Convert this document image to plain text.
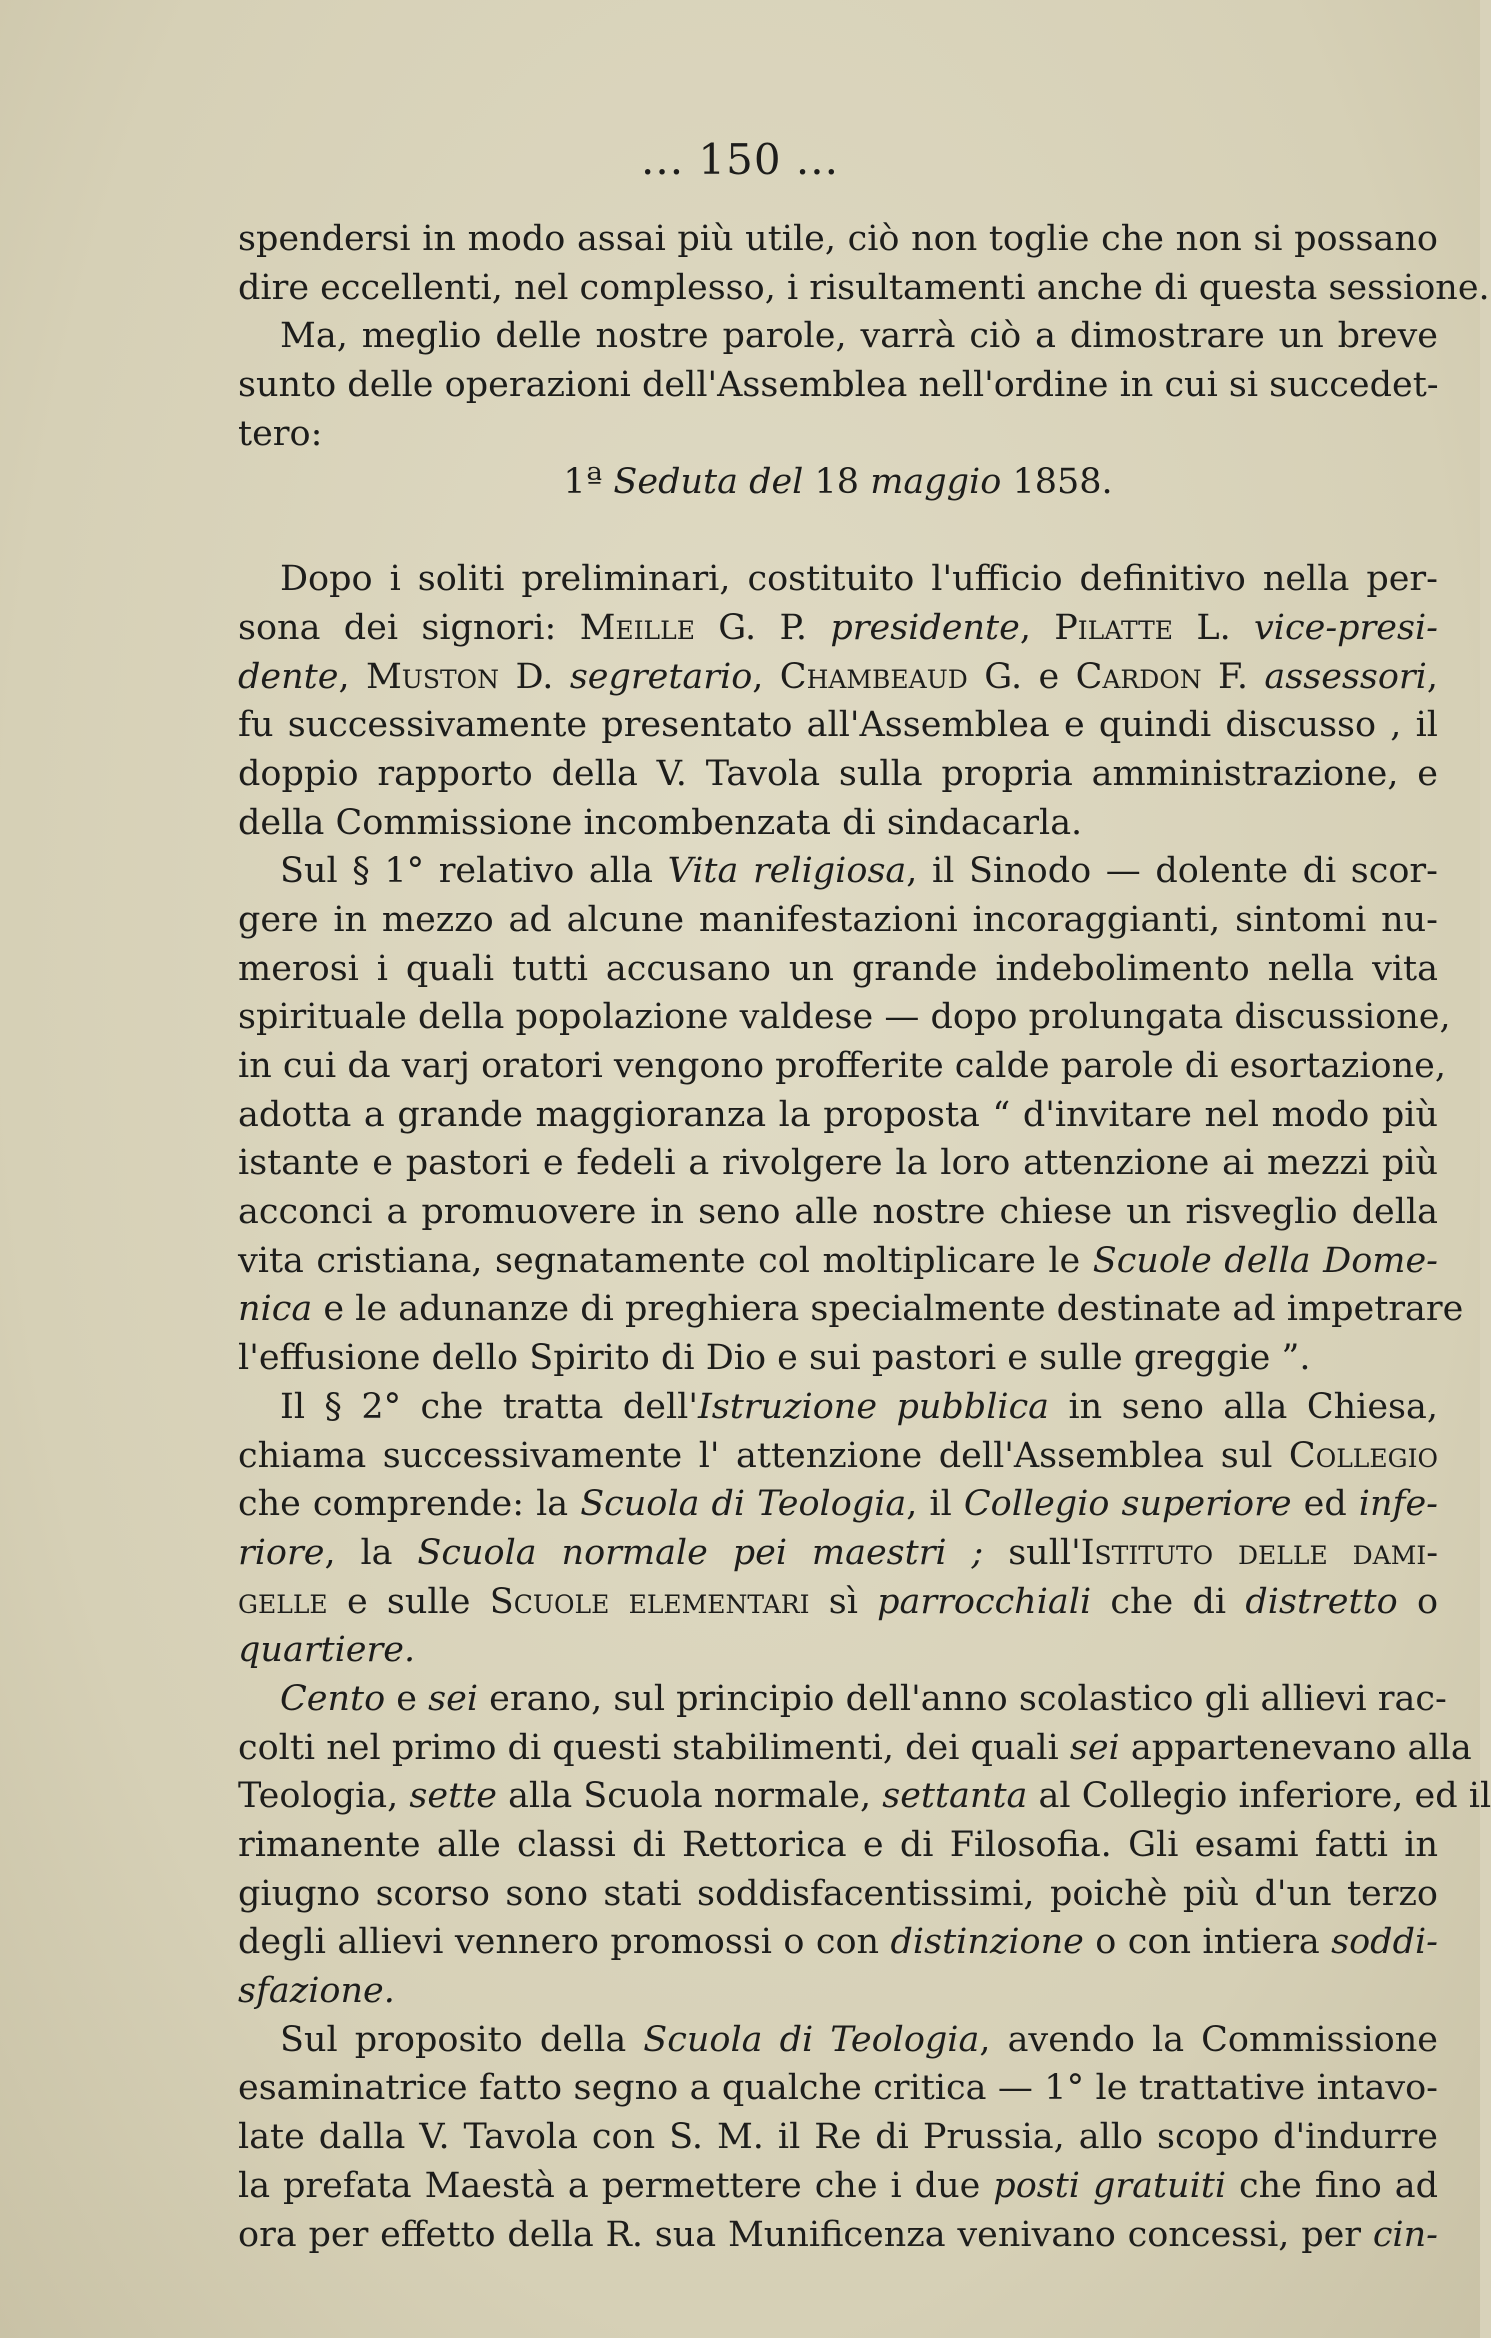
... 150 ...
spendersi in modo assai più utile, ciò non toglie che non si possano
dire eccellenti, nel complesso, i risultamenti anche di questa sessione.
Ma, meglio delle nostre parole, varrà ciò a dimostrare un breve
sunto delle operazioni dell'Assemblea nell'ordine in cui si succedet-
tero:
1ª Seduta del 18 maggio 1858.
Dopo i soliti preliminari, costituito l'ufficio definitivo nella per-
sona dei signori: Meille G. P. presidente, Pilatte L. vice-presi-
dente, Muston D. segretario, Chambeaud G. e Cardon F. assessori,
fu successivamente presentato all'Assemblea e quindi discusso , il
doppio rapporto della V. Tavola sulla propria amministrazione, e
della Commissione incombenzata di sindacarla.
Sul § 1° relativo alla Vita religiosa, il Sinodo — dolente di scor-
gere in mezzo ad alcune manifestazioni incoraggianti, sintomi nu-
merosi i quali tutti accusano un grande indebolimento nella vita
spirituale della popolazione valdese — dopo prolungata discussione,
in cui da varj oratori vengono profferite calde parole di esortazione,
adotta a grande maggioranza la proposta “ d'invitare nel modo più
istante e pastori e fedeli a rivolgere la loro attenzione ai mezzi più
acconci a promuovere in seno alle nostre chiese un risveglio della
vita cristiana, segnatamente col moltiplicare le Scuole della Dome-
nica e le adunanze di preghiera specialmente destinate ad impetrare
l'effusione dello Spirito di Dio e sui pastori e sulle greggie ”.
Il § 2° che tratta dell'Istruzione pubblica in seno alla Chiesa,
chiama successivamente l' attenzione dell'Assemblea sul Collegio
che comprende: la Scuola di Teologia, il Collegio superiore ed infe-
riore, la Scuola normale pei maestri ; sull'Istituto delle dami-
gelle e sulle Scuole elementari sì parrocchiali che di distretto o
quartiere.
Cento e sei erano, sul principio dell'anno scolastico gli allievi rac-
colti nel primo di questi stabilimenti, dei quali sei appartenevano alla
Teologia, sette alla Scuola normale, settanta al Collegio inferiore, ed il
rimanente alle classi di Rettorica e di Filosofia. Gli esami fatti in
giugno scorso sono stati soddisfacentissimi, poichè più d'un terzo
degli allievi vennero promossi o con distinzione o con intiera soddi-
sfazione.
Sul proposito della Scuola di Teologia, avendo la Commissione
esaminatrice fatto segno a qualche critica — 1° le trattative intavo-
late dalla V. Tavola con S. M. il Re di Prussia, allo scopo d'indurre
la prefata Maestà a permettere che i due posti gratuiti che fino ad
ora per effetto della R. sua Munificenza venivano concessi, per cin-
